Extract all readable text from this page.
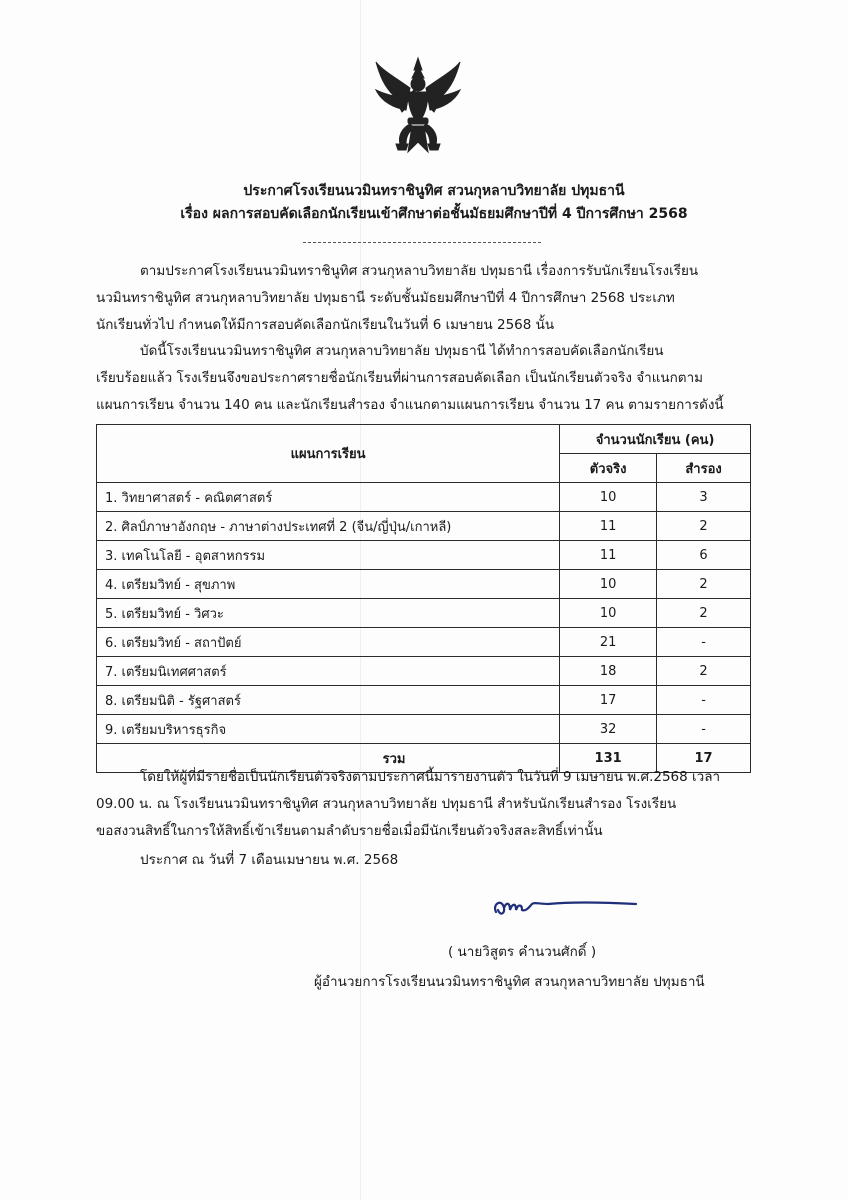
ประกาศโรงเรียนนวมินทราชินูทิศ สวนกุหลาบวิทยาลัย ปทุมธานี
เรื่อง ผลการสอบคัดเลือกนักเรียนเข้าศึกษาต่อชั้นมัธยมศึกษาปีที่ 4 ปีการศึกษา 2568
ตามประกาศโรงเรียนนวมินทราชินูทิศ สวนกุหลาบวิทยาลัย ปทุมธานี เรื่องการรับนักเรียนโรงเรียน
นวมินทราชินูทิศ สวนกุหลาบวิทยาลัย ปทุมธานี ระดับชั้นมัธยมศึกษาปีที่ 4 ปีการศึกษา 2568 ประเภท
นักเรียนทั่วไป กำหนดให้มีการสอบคัดเลือกนักเรียนในวันที่ 6 เมษายน 2568 นั้น
บัดนี้โรงเรียนนวมินทราชินูทิศ สวนกุหลาบวิทยาลัย ปทุมธานี ได้ทำการสอบคัดเลือกนักเรียน
เรียบร้อยแล้ว โรงเรียนจึงขอประกาศรายชื่อนักเรียนที่ผ่านการสอบคัดเลือก เป็นนักเรียนตัวจริง จำแนกตาม
แผนการเรียน จำนวน 140 คน และนักเรียนสำรอง จำแนกตามแผนการเรียน จำนวน 17 คน ตามรายการดังนี้
แผนการเรียน	จำนวนนักเรียน (คน)	
	ตัวจริง	สำรอง
1. วิทยาศาสตร์ - คณิตศาสตร์	10	3
2. ศิลป์ภาษาอังกฤษ - ภาษาต่างประเทศที่ 2 (จีน/ญี่ปุ่น/เกาหลี)	11	2
3. เทคโนโลยี - อุตสาหกรรม	11	6
4. เตรียมวิทย์ - สุขภาพ	10	2
5. เตรียมวิทย์ - วิศวะ	10	2
6. เตรียมวิทย์ - สถาปัตย์	21	-
7. เตรียมนิเทศศาสตร์	18	2
8. เตรียมนิติ - รัฐศาสตร์	17	-
9. เตรียมบริหารธุรกิจ	32	-
รวม	131	17
โดยให้ผู้ที่มีรายชื่อเป็นนักเรียนตัวจริงตามประกาศนี้มารายงานตัว ในวันที่ 9 เมษายน พ.ศ.2568 เวลา
09.00 น. ณ โรงเรียนนวมินทราชินูทิศ สวนกุหลาบวิทยาลัย ปทุมธานี สำหรับนักเรียนสำรอง โรงเรียน
ขอสงวนสิทธิ์ในการให้สิทธิ์เข้าเรียนตามลำดับรายชื่อเมื่อมีนักเรียนตัวจริงสละสิทธิ์เท่านั้น
ประกาศ ณ วันที่ 7 เดือนเมษายน พ.ศ. 2568
( นายวิสูตร คำนวนศักดิ์ )
ผู้อำนวยการโรงเรียนนวมินทราชินูทิศ สวนกุหลาบวิทยาลัย ปทุมธานี
